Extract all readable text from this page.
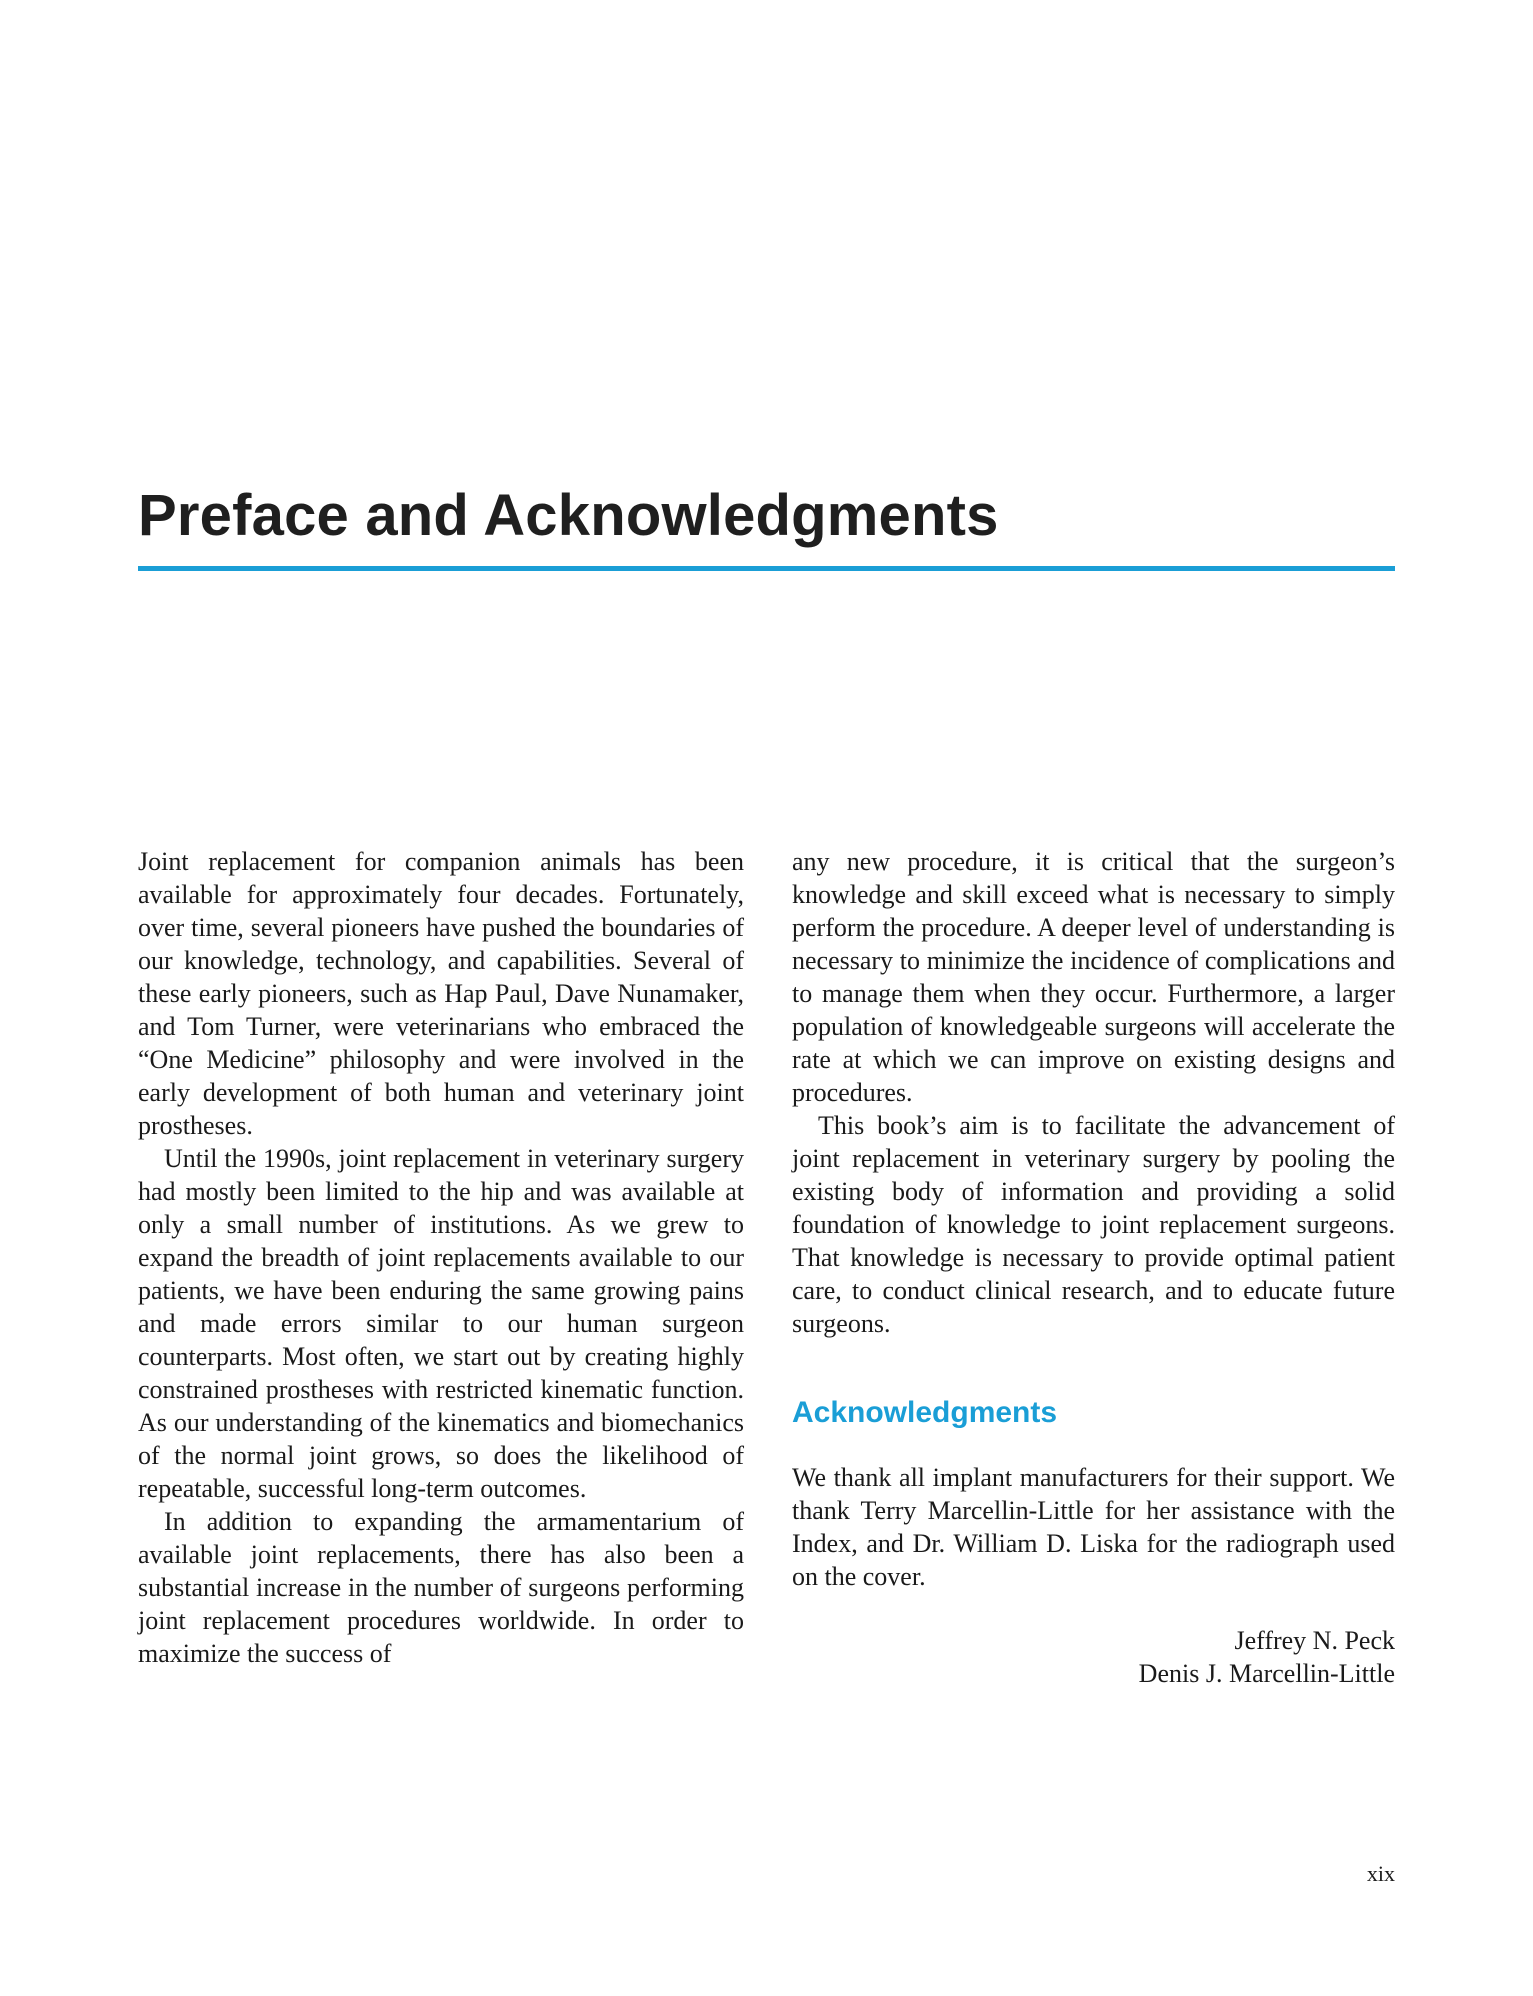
Preface and Acknowledgments

Joint replacement for companion animals has been available for approximately four decades. Fortunately, over time, several pioneers have pushed the boundaries of our knowledge, technology, and capabilities. Several of these early pioneers, such as Hap Paul, Dave Nunamaker, and Tom Turner, were veterinarians who embraced the “One Medicine” philosophy and were involved in the early development of both human and veterinary joint prostheses.

Until the 1990s, joint replacement in veterinary surgery had mostly been limited to the hip and was available at only a small number of institutions. As we grew to expand the breadth of joint replacements available to our patients, we have been enduring the same growing pains and made errors similar to our human surgeon counterparts. Most often, we start out by creating highly constrained prostheses with restricted kinematic function. As our understanding of the kinematics and biomechanics of the normal joint grows, so does the likelihood of repeatable, successful long-term outcomes.

In addition to expanding the armamentarium of available joint replacements, there has also been a substantial increase in the number of surgeons performing joint replacement procedures worldwide. In order to maximize the success of

any new procedure, it is critical that the surgeon’s knowledge and skill exceed what is necessary to simply perform the procedure. A deeper level of understanding is necessary to minimize the incidence of complications and to manage them when they occur. Furthermore, a larger population of knowledgeable surgeons will accelerate the rate at which we can improve on existing designs and procedures.

This book’s aim is to facilitate the advancement of joint replacement in veterinary surgery by pooling the existing body of information and providing a solid foundation of knowledge to joint replacement surgeons. That knowledge is necessary to provide optimal patient care, to conduct clinical research, and to educate future surgeons.

Acknowledgments

We thank all implant manufacturers for their support. We thank Terry Marcellin-Little for her assistance with the Index, and Dr. William D. Liska for the radiograph used on the cover.

Jeffrey N. Peck
Denis J. Marcellin-Little
xix
